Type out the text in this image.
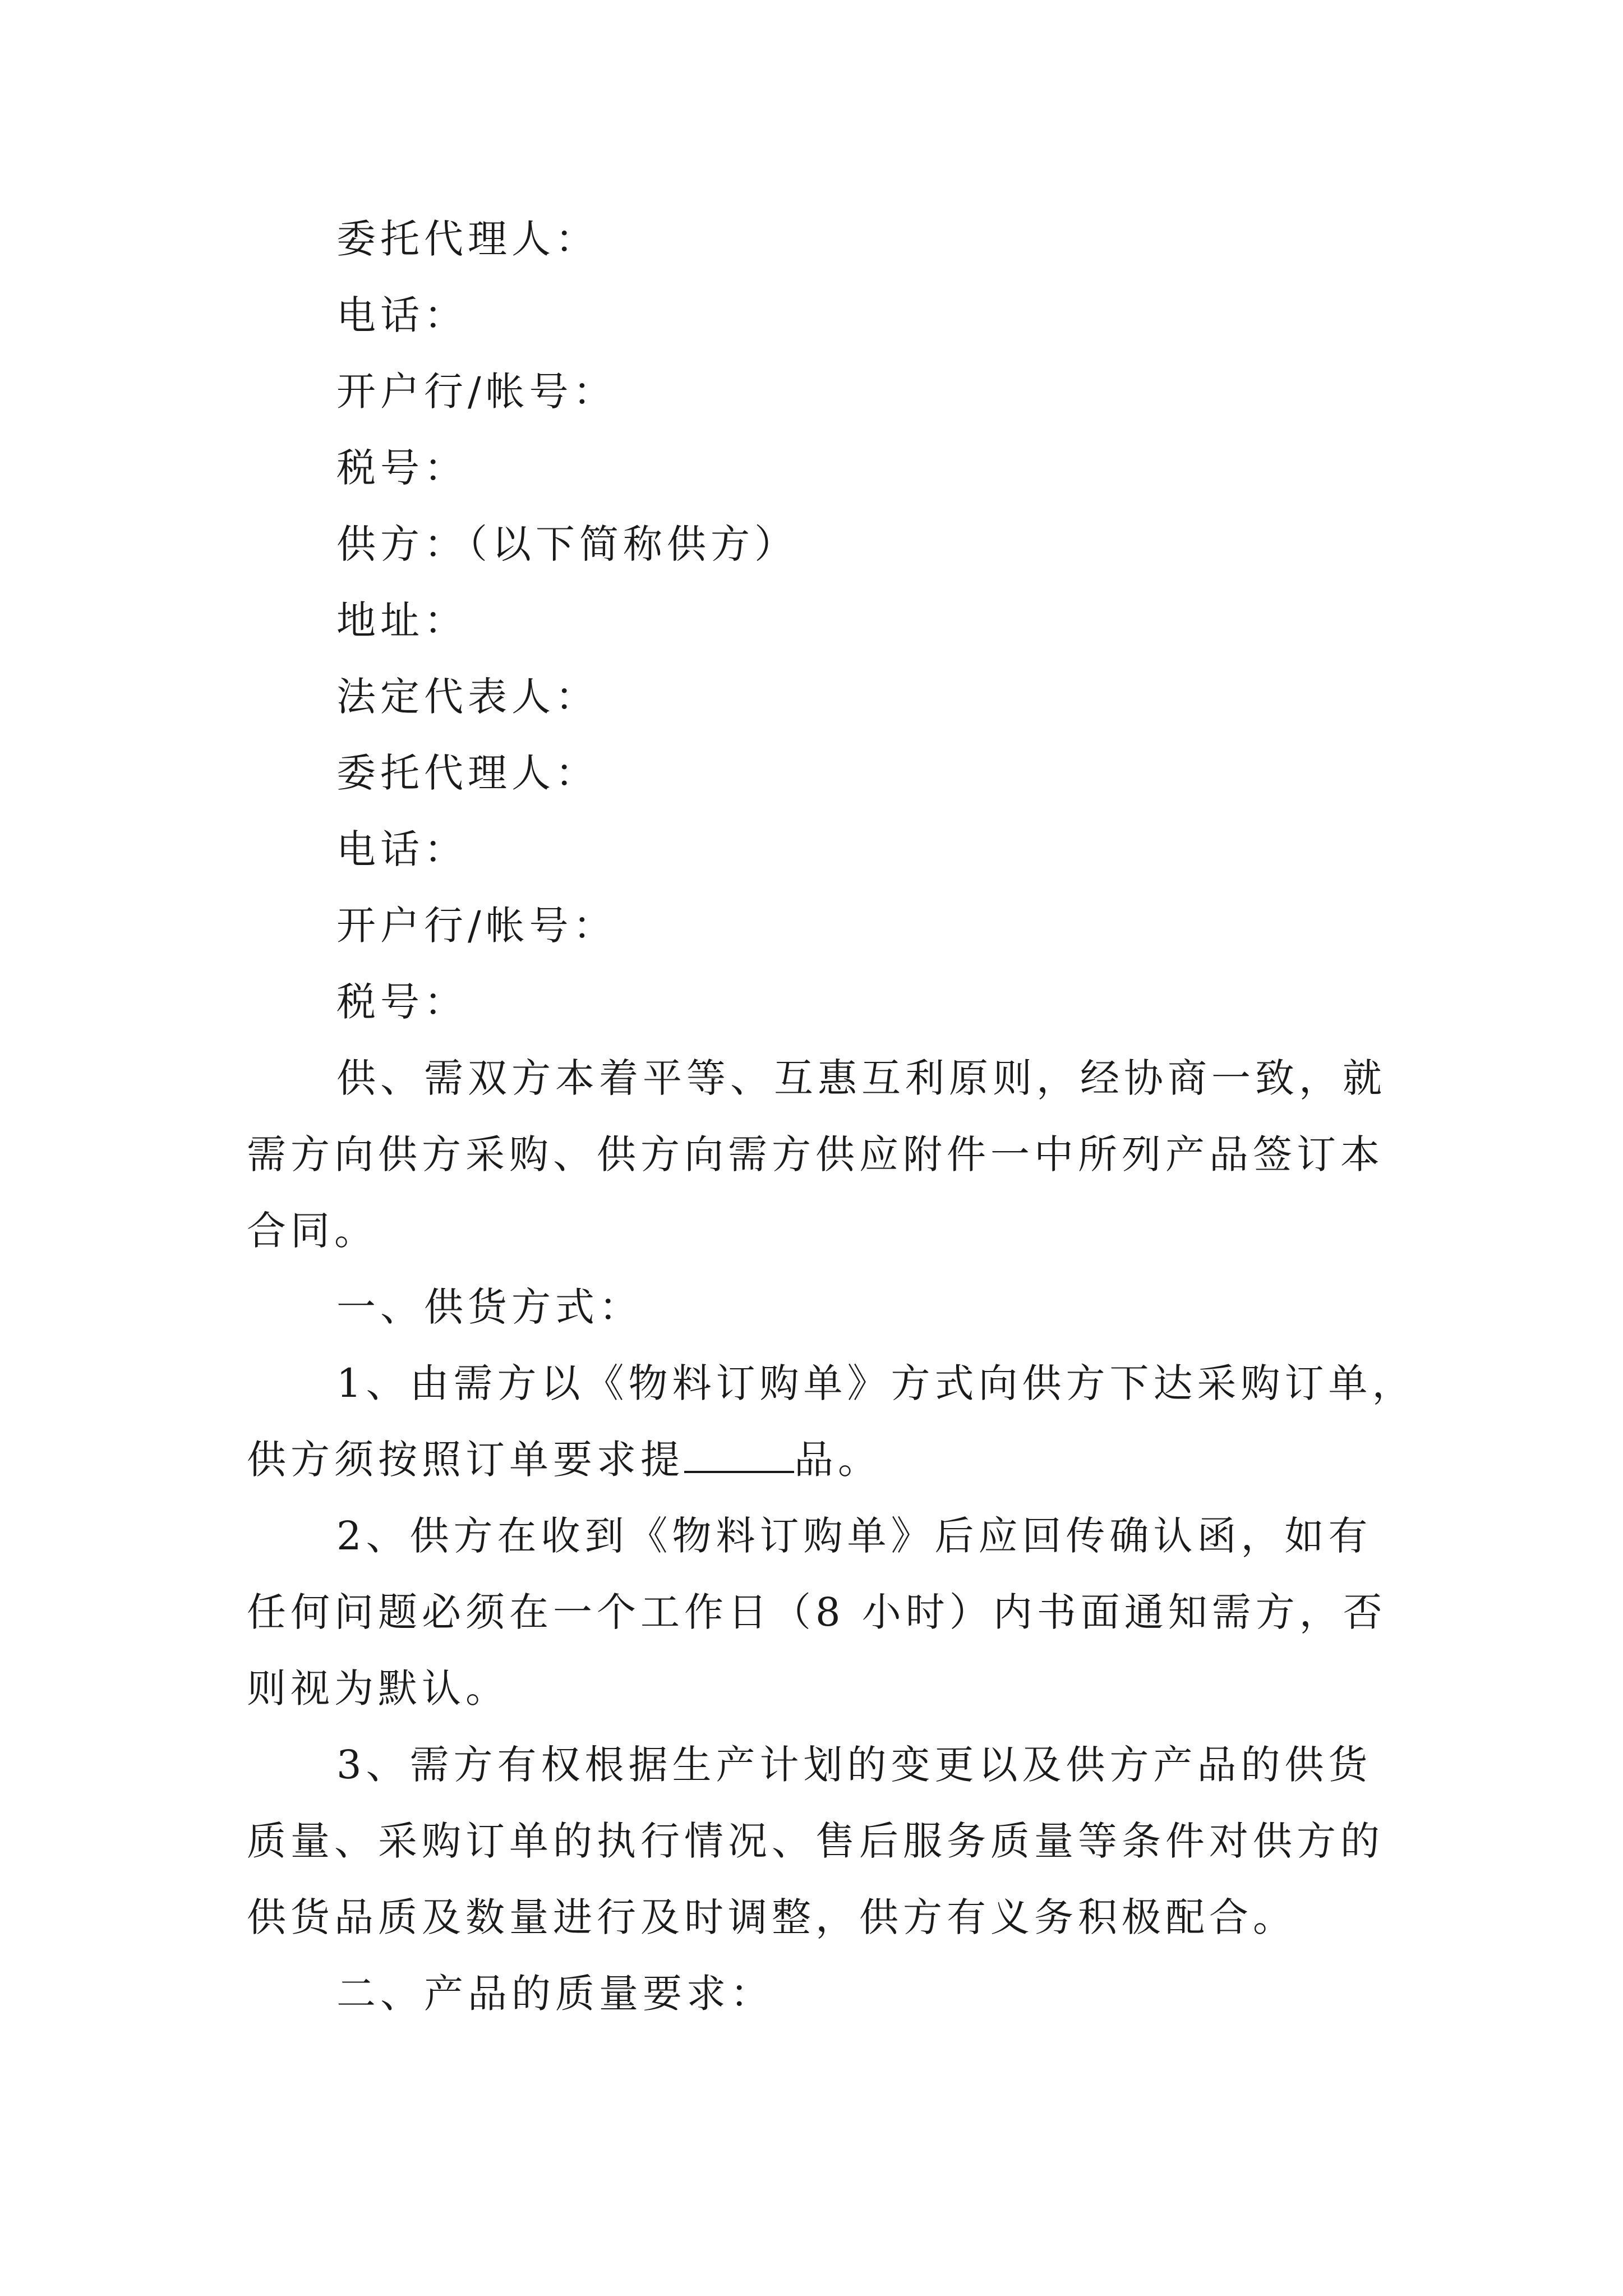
委托代理人：
电话：
开户行/帐号：
税号：
供方：（以下简称供方）
地址：
法定代表人：
委托代理人：
电话：
开户行/帐号：
税号：
供、需双方本着平等、互惠互利原则，经协商一致，就
需方向供方采购、供方向需方供应附件一中所列产品签订本
合同。
一、供货方式：
1、由需方以《物料订购单》方式向供方下达采购订单，
供方须按照订单要求提	品。
2、供方在收到《物料订购单》后应回传确认函，如有
任何问题必须在一个工作日（8 小时）内书面通知需方，否
则视为默认。
3、需方有权根据生产计划的变更以及供方产品的供货
质量、采购订单的执行情况、售后服务质量等条件对供方的
供货品质及数量进行及时调整，供方有义务积极配合。
二、产品的质量要求：
